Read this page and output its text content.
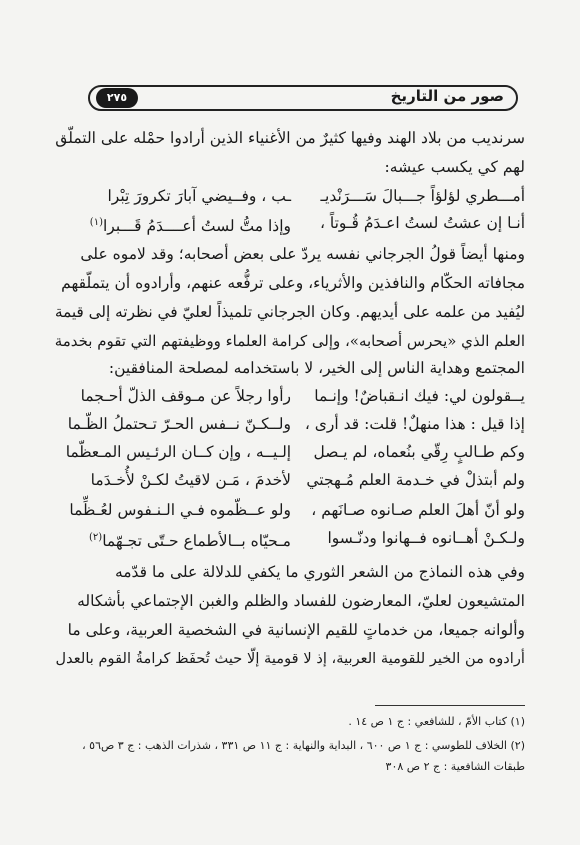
صور من التاريخ
٢٧٥
سرنديب من بلاد الهند وفيها كثيرٌ من الأغنياء الذين أرادوا حمْله على التملّق
لهم كي يكسب عيشه:
أمـــطري لؤلؤاً جـــبالَ سَـــرَنْديـ
ـب ، وفــيضي آبارَ تكرورَ تِبْرا
أنـا إن عشتُ لستُ اعـدَمُ قُـوتاً ،
وإذا متُّ لستُ أعــــدَمُ قَـــبرا$^{(١)}$
ومنها أيضاً قولُ الجرجاني نفسه يردّ على بعض أصحابه؛ وقد لاموه على
مجافاته الحكّام والنافذين والأثرياء، وعلى ترفُّعه عنهم، وأرادوه أن يتملّقهم
ليُفيد من علمه على أيديهم. وكان الجرجاني تلميذاً لعليّ في نظرته إلى قيمة
العلم الذي «يحرس أصحابه»، وإلى كرامة العلماء ووظيفتهم التي تقوم بخدمة
المجتمع وهداية الناس إلى الخير، لا باستخدامه لمصلحة المنافقين:
يــقولون لي: فيك انـقباضٌ! وإنـما
رأوا رجلاً عن مـوقف الذلّ أحـجما
إذا قيل : هذا منهلٌ! قلت: قد أرى ،
ولــكـنّ نــفس الحـرّ تـحتملُ الظّـما
وكم طـالبٍ رِقّي بنُعماه، لم يـصل
إلـيــه ، وإن كــان الرئـيس المـعظّما
ولم أبتذلْ في خـدمة العلم مُـهجتي
لأخدمَ ، مَـن لاقيتُ لكـنْ لأُخـدَما
ولو أنّ أهلَ العلم صـانوه صـانَهم ،
ولو عــظّموه فـي الـنـفوس لعُـظِّما
ولـكـنْ أهــانوه فــهانوا ودنّـسوا
مـحيّاه بــالأطماع حـتّى تجـهّما$^{(٢)}$
وفي هذه النماذج من الشعر الثوري ما يكفي للدلالة على ما قدّمه
المتشيعون لعليّ، المعارضون للفساد والظلم والغبن الإجتماعي بأشكاله
وألوانه جميعا، من خدماتٍ للقيم الإنسانية في الشخصية العربية، وعلى ما
أرادوه من الخير للقومية العربية، إذ لا قومية إلّا حيث تُحفَظ كرامةُ القوم بالعدل
(١) كتاب الأمّ ، للشافعي : ج ١ ص ١٤ .
(٢) الخلاف للطوسي : ج ١ ص ٦٠٠ ، البداية والنهاية : ج ١١ ص ٣٣١ ، شذرات الذهب : ج ٣ ص٥٦ ،
طبقات الشافعية : ج ٢ ص ٣٠٨
